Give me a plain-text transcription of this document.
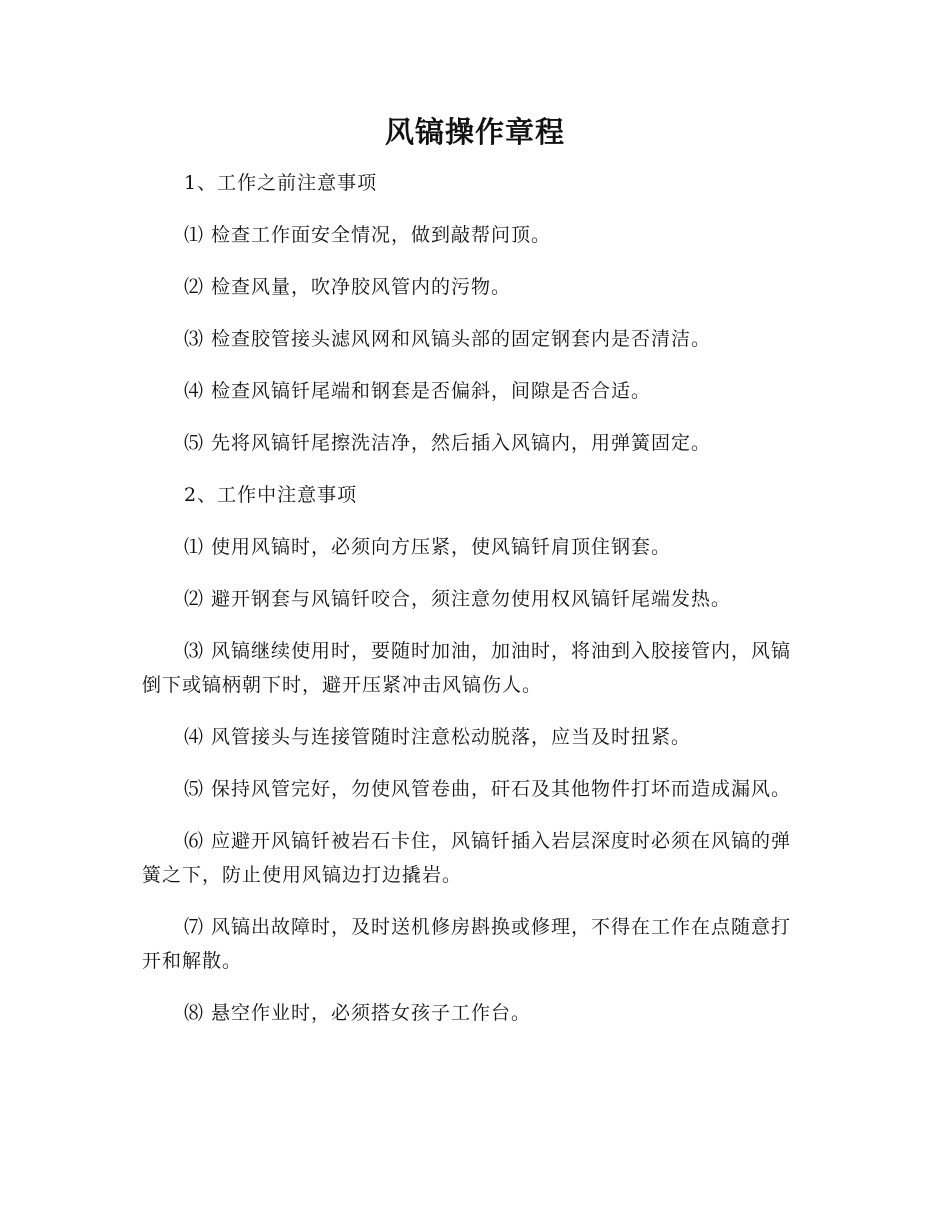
风镐操作章程

1、工作之前注意事项

⑴ 检查工作面安全情况，做到敲帮问顶。

⑵ 检查风量，吹净胶风管内的污物。

⑶ 检查胶管接头滤风网和风镐头部的固定钢套内是否清洁。

⑷ 检查风镐钎尾端和钢套是否偏斜，间隙是否合适。

⑸ 先将风镐钎尾擦洗洁净，然后插入风镐内，用弹簧固定。

2、工作中注意事项

⑴ 使用风镐时，必须向方压紧，使风镐钎肩顶住钢套。

⑵ 避开钢套与风镐钎咬合，须注意勿使用权风镐钎尾端发热。

⑶ 风镐继续使用时，要随时加油，加油时，将油到入胶接管内，风镐倒下或镐柄朝下时，避开压紧冲击风镐伤人。

⑷ 风管接头与连接管随时注意松动脱落，应当及时扭紧。

⑸ 保持风管完好，勿使风管卷曲，矸石及其他物件打坏而造成漏风。

⑹ 应避开风镐钎被岩石卡住，风镐钎插入岩层深度时必须在风镐的弹簧之下，防止使用风镐边打边撬岩。

⑺ 风镐出故障时，及时送机修房斟换或修理，不得在工作在点随意打开和解散。

⑻ 悬空作业时，必须搭女孩子工作台。
